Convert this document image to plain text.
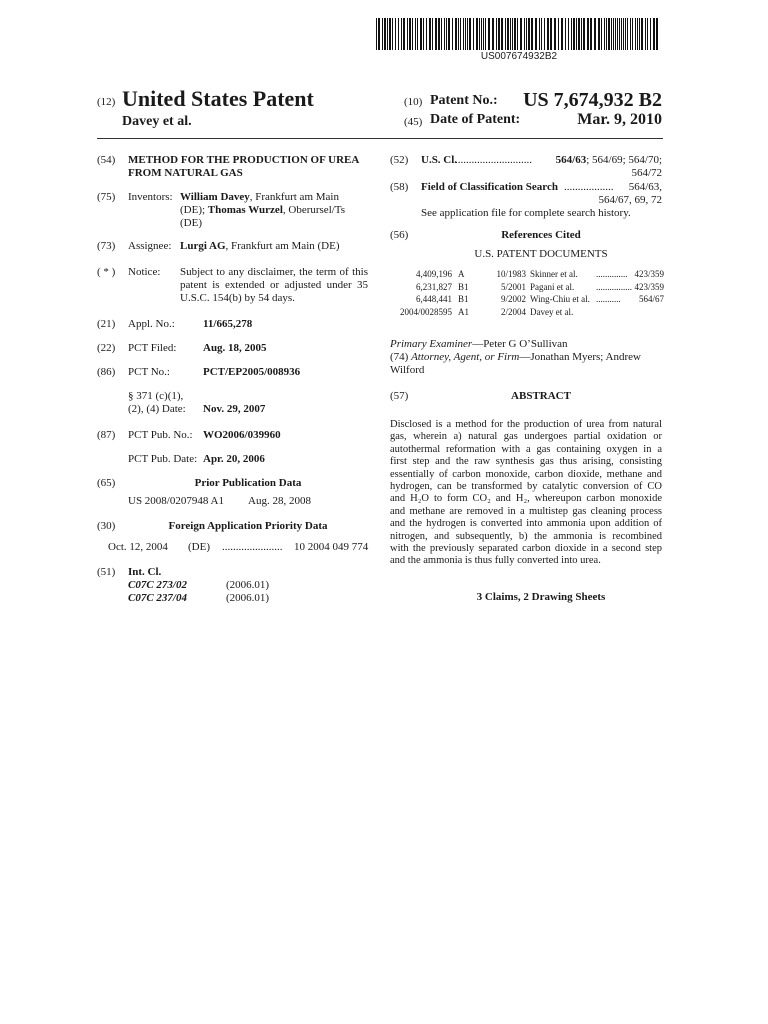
US007674932B2
(12) United States Patent
Davey et al.
(10) Patent No.:	US 7,674,932 B2
(45) Date of Patent:	Mar. 9, 2010
(54) METHOD FOR THE PRODUCTION OF UREA
FROM NATURAL GAS
(75) Inventors: William Davey, Frankfurt am Main
(DE); Thomas Wurzel, Oberursel/Ts
(DE)
(73) Assignee: Lurgi AG, Frankfurt am Main (DE)
( * ) Notice: Subject to any disclaimer, the term of this
patent is extended or adjusted under 35
U.S.C. 154(b) by 54 days.
(21) Appl. No.:	11/665,278
(22) PCT Filed: Aug. 18, 2005
(86) PCT No.:	PCT/EP2005/008936
§ 371 (c)(1),
(2), (4) Date: Nov. 29, 2007
(87) PCT Pub. No.: WO2006/039960
PCT Pub. Date: Apr. 20, 2006
(65)	Prior Publication Data
US 2008/0207948 A1 Aug. 28, 2008
(30)	Foreign Application Priority Data
Oct. 12, 2004 (DE) ...................... 10 2004 049 774
(51) Int. Cl.
C07C 273/02	(2006.01)
C07C 237/04	(2006.01)
(52) U.S. Cl.
............................	564/63; 564/69; 564/70;
564/72
(58) Field of Classification Search ..................	564/63,
564/67, 69, 72
See application file for complete search history.
(56)	References Cited
U.S. PATENT DOCUMENTS
4,409,196 A	10/1983 Skinner et al.	.............. 423/359
6,231,827 B1	5/2001 Pagani et al.	................ 423/359
6,448,441 B1	9/2002 Wing-Chiu et al. ...........	564/67
2004/0028595 A1	2/2004 Davey et al.
Primary Examiner—Peter G O’Sullivan
(74) Attorney, Agent, or Firm—Jonathan Myers; Andrew
Wilford
(57)	ABSTRACT
Disclosed is a method for the production of urea from natural
gas, wherein a) natural gas undergoes partial oxidation or
autothermal reformation with a gas containing oxygen in a
first step and the raw synthesis gas thus arising, consisting
essentially of carbon monoxide, carbon dioxide, methane and
hydrogen, can be transformed by catalytic conversion of CO
and H₂O to form CO₂ and H₂, whereupon carbon monoxide
and methane are removed in a multistep gas cleaning process
and the hydrogen is converted into ammonia upon addition of
nitrogen, and subsequently, b) the ammonia is recombined
with the previously separated carbon dioxide in a second step
and the ammonia is thus fully converted into urea.
3 Claims, 2 Drawing Sheets
